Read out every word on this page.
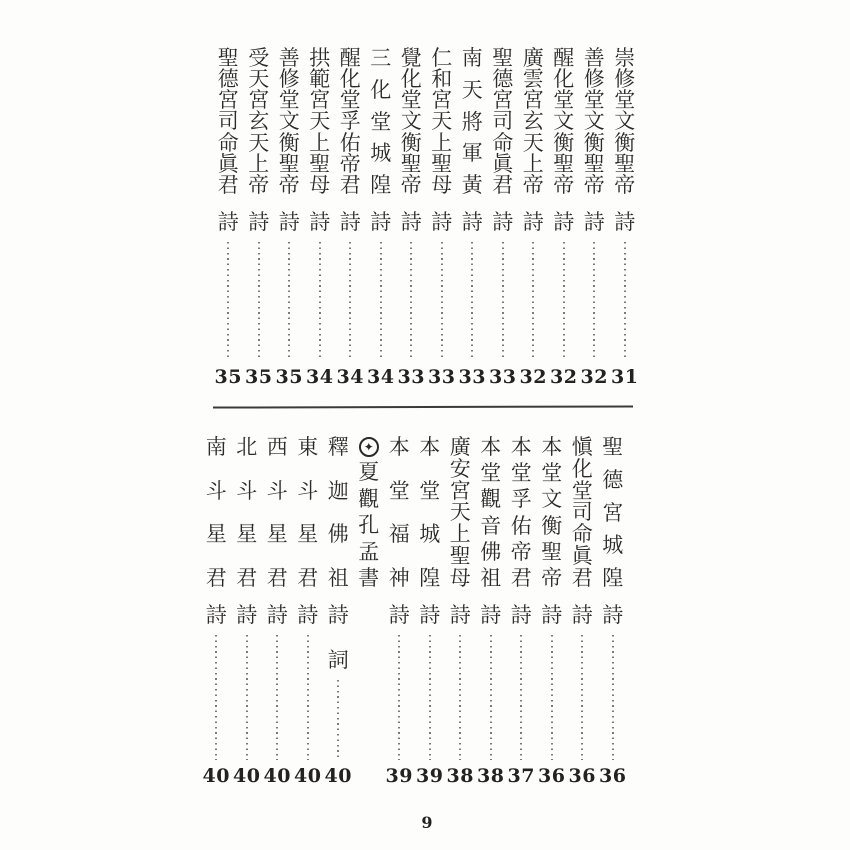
崇
修
堂
文
衡
聖
帝
詩
31
善
修
堂
文
衡
聖
帝
詩
32
醒
化
堂
文
衡
聖
帝
詩
32
廣
雲
宮
玄
天
上
帝
詩
32
聖
德
宮
司
命
眞
君
詩
33
南
天
將
軍
黃
詩
33
仁
和
宮
天
上
聖
母
詩
33
覺
化
堂
文
衡
聖
帝
詩
33
三
化
堂
城
隍
詩
34
醒
化
堂
孚
佑
帝
君
詩
34
拱
範
宮
天
上
聖
母
詩
34
善
修
堂
文
衡
聖
帝
詩
35
受
天
宮
玄
天
上
帝
詩
35
聖
德
宮
司
命
眞
君
詩
35
聖
德
宮
城
隍
詩
36
愼
化
堂
司
命
眞
君
詩
36
本
堂
文
衡
聖
帝
詩
36
本
堂
孚
佑
帝
君
詩
37
本
堂
觀
音
佛
祖
詩
38
廣
安
宮
天
上
聖
母
詩
38
本
堂
城
隍
詩
39
本
堂
福
神
詩
39
✦
夏
觀
孔
孟
書
釋
迦
佛
祖
詩
詞
40
東
斗
星
君
詩
40
西
斗
星
君
詩
40
北
斗
星
君
詩
40
南
斗
星
君
詩
40
9
